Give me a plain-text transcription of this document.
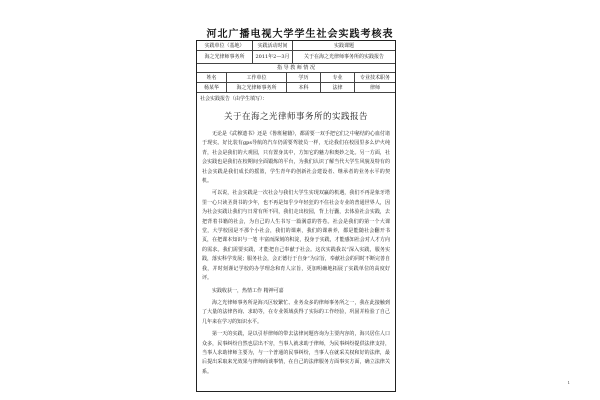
河北广播电视大学学生社会实践考核表
实践单位（基地）	实践活动时间	实践课题
海之光律师事务所	2011年2—3月	关于在海之光律师事务所的实践报告
指 导 教 师 情 况
姓名	工作单位	学历	专业	专业技术职务
杨某华	海之光律师事务所	本科	法律	律师
社会实践报告（由学生填写）：
关于在海之光律师事务所的实践报告

无论是《武穆遗书》还是《鲁班秘籍》，都需要一双手把它们之中秘结的心血付诸于现实。好比装有gps导航的汽车仍需要驾驶员一样，无论我们在校园里多么炉火纯青，社会是我们的大观园，只有置身其中，方知它的魅力和奥妙之处。另一方面，社会实践也是我们在校期间全面锻炼的平台，为我们认识了解当代大学生风貌及特有的社会实践是我们成长的摇篮，学生青年的创新社会建设者、继承者的业务水平的契机。

可以说，社会实践是一次社会与我们大学生实现双赢的机遇，我们不再是象牙塔里一心只读圣贤书的少年，也不再是知乎少年轻狂的不住社会专业的普通世界人，因为社会实践让我们与日常有所不同，我们走出校园，背上行囊，去体验社会实践，去把背着书籍的社会，为自己的人生书写一篇满意的答卷。社会是我们的第一个大课堂，大学校园是不那个小社会，我们的课素，我们的课素养，都是能随社会翻开书页，在把课本知识与一笔 丰富而深刻的积淀，投身于实践，才能感知社会对人才方向的需求。我们需要实践，才能把自己奉献于社会。这次实践我以“深入实践，服务实践，落实科学发展；服务社会，会正德行于自身”为宗旨，奉献社会的同时不断完善自我，并时刻谨记学校的办学理念和育人宗旨，更加明确地拓展了实践单位的高度好评。

实践收获一，热情工作 精神可嘉

海之光律师事务所是海兴区较繁忙、业务众多的律师事务所之一，我在此接触到了大量的法律咨询、求助等，在专业领域获得了实际的工作经验，巩固并检验了自己几年来在学习的知识水平。

第一天的实践，是以引荐律师的带去法律问题咨询为主要内容的，海兴居住人口众多，民事纠纷自然也层出不穷，当事人就求助于律师，为民事纠纷提供法律支持，当事人求助律师主要为，与一个普通的民事纠纷，当事人在就采关权和好的法律，最后提出采取来光效果与律师商谈事情，在自己的法律服务方面事实方面，确立法律关系。

1
